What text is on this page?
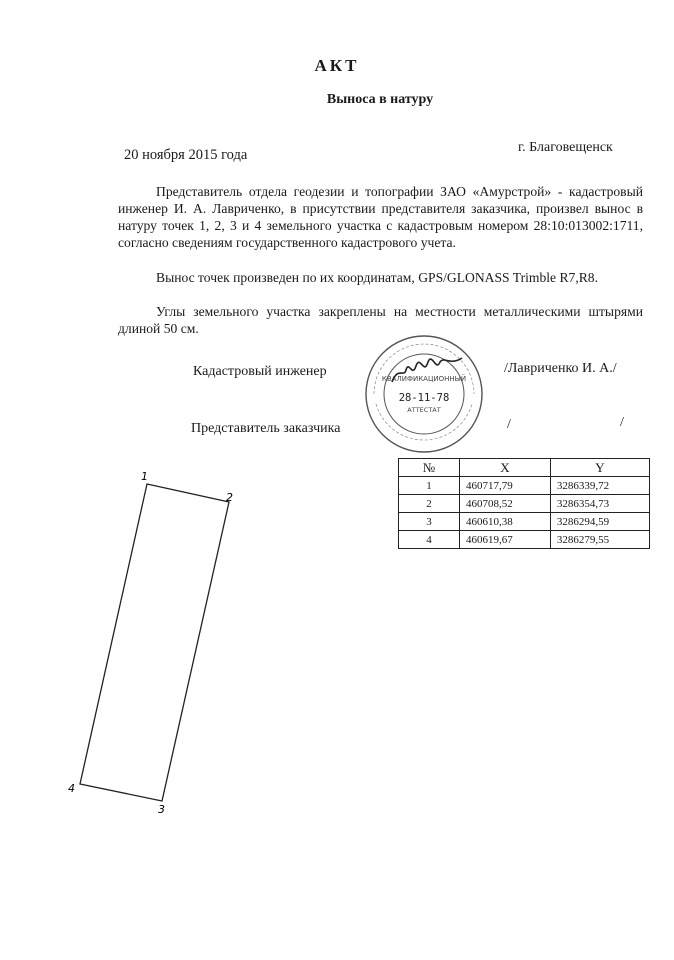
АКТ
Выноса в натуру
20 ноября 2015 года	г. Благовещенск
Представитель отдела геодезии и топографии ЗАО «Амурстрой» - кадастровый инженер И. А. Лавриченко, в присутствии представителя заказчика, произвел вынос в натуру точек 1, 2, 3 и 4 земельного участка с кадастровым номером 28:10:013002:1711, согласно сведениям государственного кадастрового учета.
Вынос точек произведен по их координатам, GPS/GLONASS Trimble R7,R8.
Углы земельного участка закреплены на местности металлическими штырями длиной 50 см.
Кадастровый инженер	/Лавриченко И. А./
Представитель заказчика	/	/
КВАЛИФИКАЦИОННЫЙ
28-11-78
АТТЕСТАТ
№	X	Y
1	460717,79	3286339,72
2	460708,52	3286354,73
3	460610,38	3286294,59
4	460619,67	3286279,55
1
2
3
4
